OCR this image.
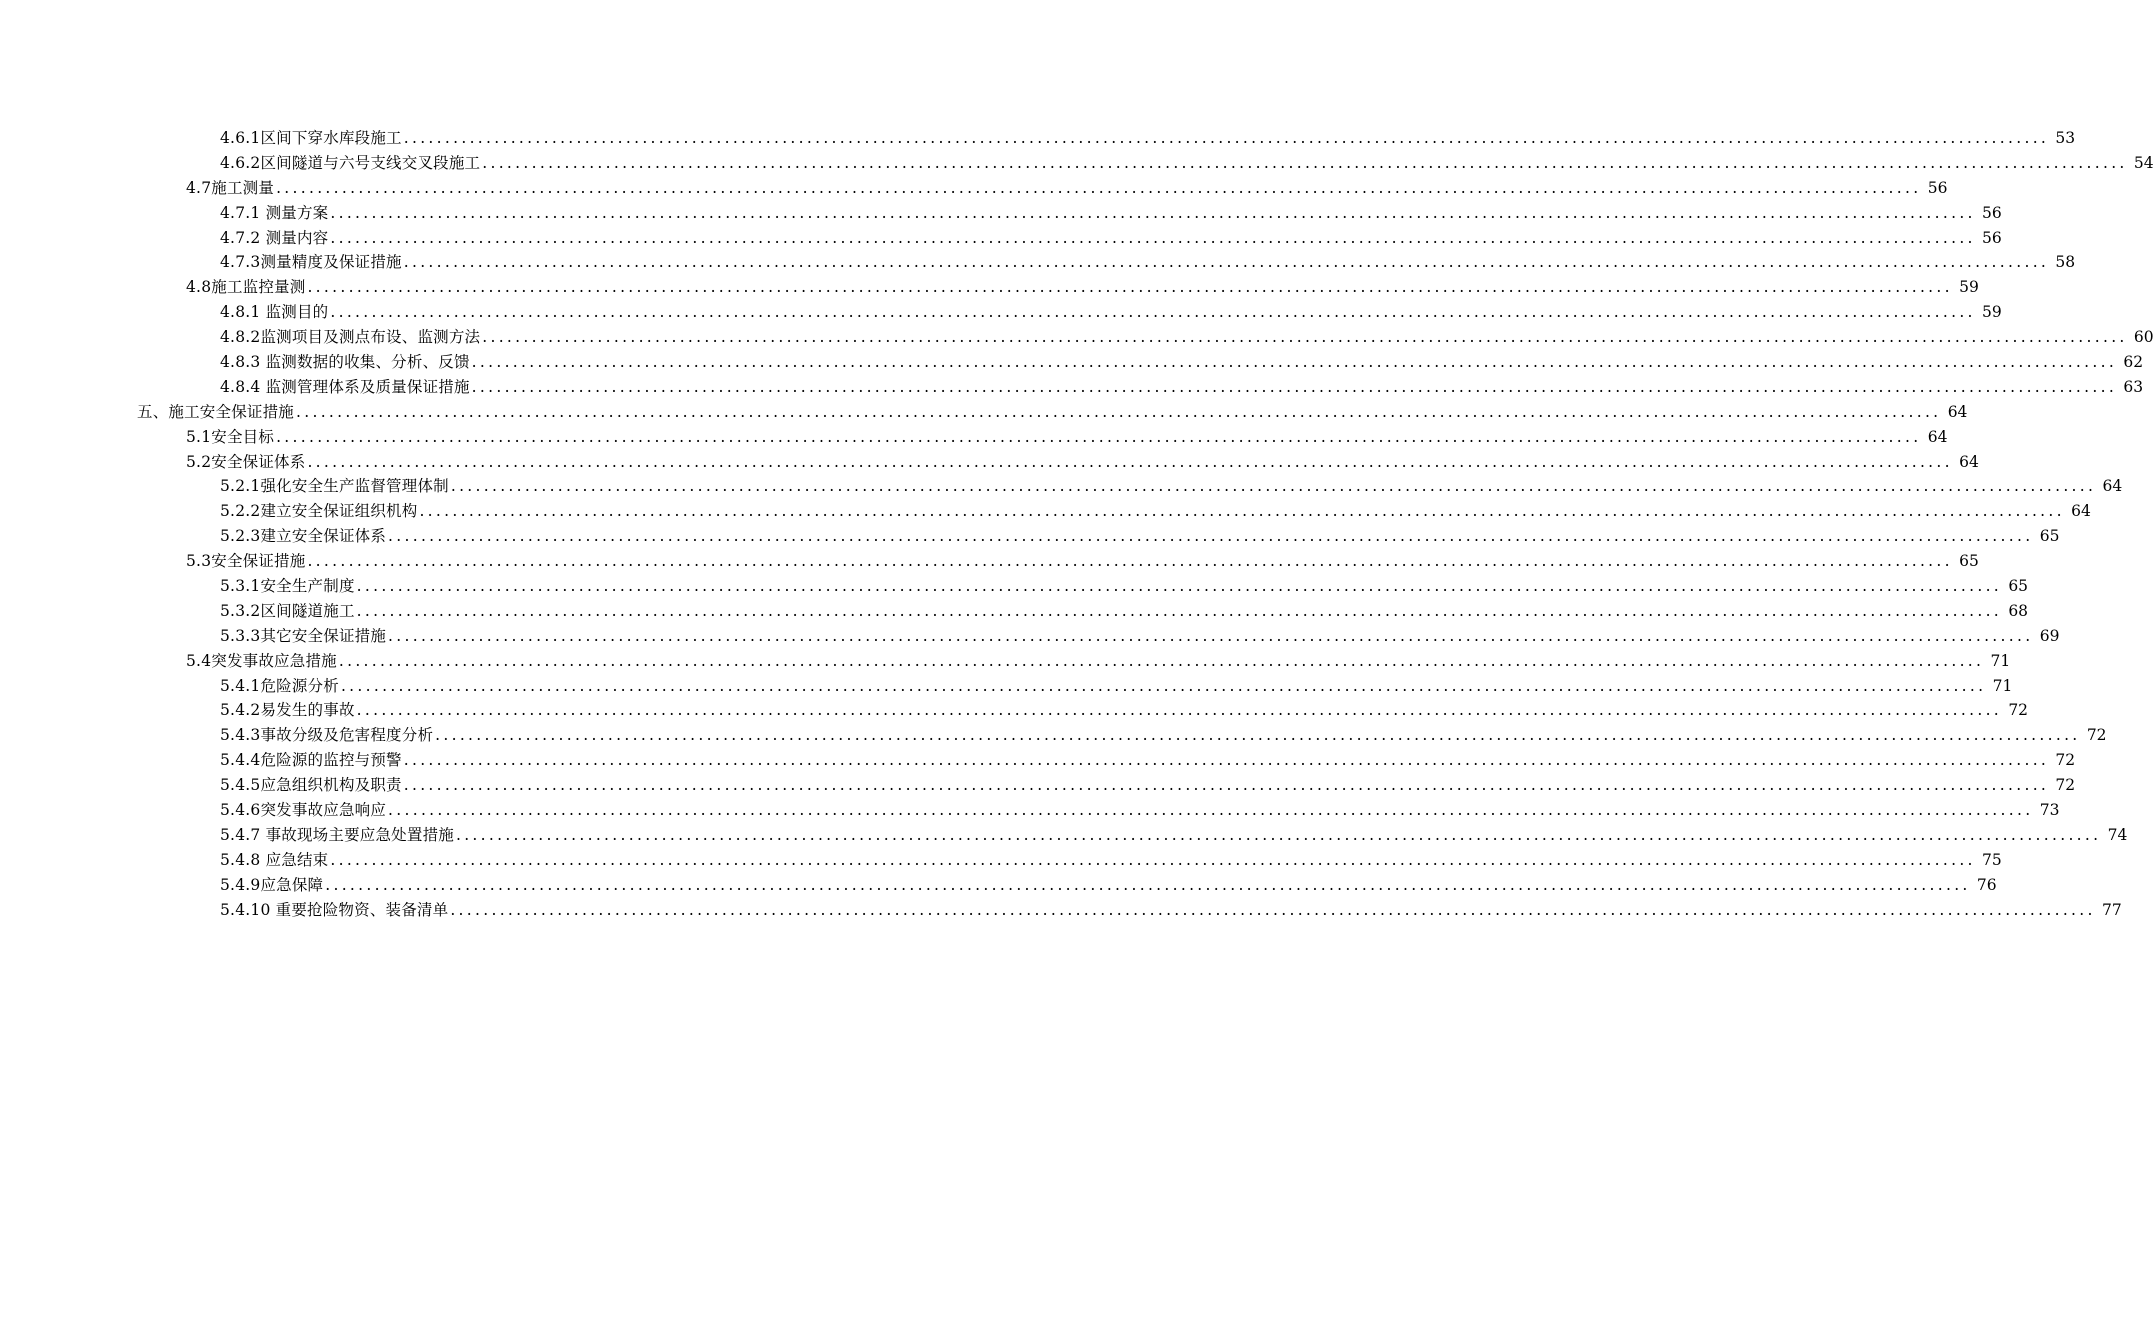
4.6.1区间下穿水库段施工 ........................................................................................................................................................................................................ 53
4.6.2区间隧道与六号支线交叉段施工 ........................................................................................................................................................................................................ 54
4.7施工测量 ........................................................................................................................................................................................................ 56
4.7.1 测量方案 ........................................................................................................................................................................................................ 56
4.7.2 测量内容 ........................................................................................................................................................................................................ 56
4.7.3测量精度及保证措施 ........................................................................................................................................................................................................ 58
4.8施工监控量测 ........................................................................................................................................................................................................ 59
4.8.1 监测目的 ........................................................................................................................................................................................................ 59
4.8.2监测项目及测点布设、监测方法 ........................................................................................................................................................................................................ 60
4.8.3 监测数据的收集、分析、反馈 ........................................................................................................................................................................................................ 62
4.8.4 监测管理体系及质量保证措施 ........................................................................................................................................................................................................ 63
五、施工安全保证措施 ........................................................................................................................................................................................................ 64
5.1安全目标 ........................................................................................................................................................................................................ 64
5.2安全保证体系 ........................................................................................................................................................................................................ 64
5.2.1强化安全生产监督管理体制 ........................................................................................................................................................................................................ 64
5.2.2建立安全保证组织机构 ........................................................................................................................................................................................................ 64
5.2.3建立安全保证体系 ........................................................................................................................................................................................................ 65
5.3安全保证措施 ........................................................................................................................................................................................................ 65
5.3.1安全生产制度 ........................................................................................................................................................................................................ 65
5.3.2区间隧道施工 ........................................................................................................................................................................................................ 68
5.3.3其它安全保证措施 ........................................................................................................................................................................................................ 69
5.4突发事故应急措施 ........................................................................................................................................................................................................ 71
5.4.1危险源分析 ........................................................................................................................................................................................................ 71
5.4.2易发生的事故 ........................................................................................................................................................................................................ 72
5.4.3事故分级及危害程度分析 ........................................................................................................................................................................................................ 72
5.4.4危险源的监控与预警 ........................................................................................................................................................................................................ 72
5.4.5应急组织机构及职责 ........................................................................................................................................................................................................ 72
5.4.6突发事故应急响应 ........................................................................................................................................................................................................ 73
5.4.7 事故现场主要应急处置措施 ........................................................................................................................................................................................................ 74
5.4.8 应急结束 ........................................................................................................................................................................................................ 75
5.4.9应急保障 ........................................................................................................................................................................................................ 76
5.4.10 重要抢险物资、装备清单 ........................................................................................................................................................................................................ 77
